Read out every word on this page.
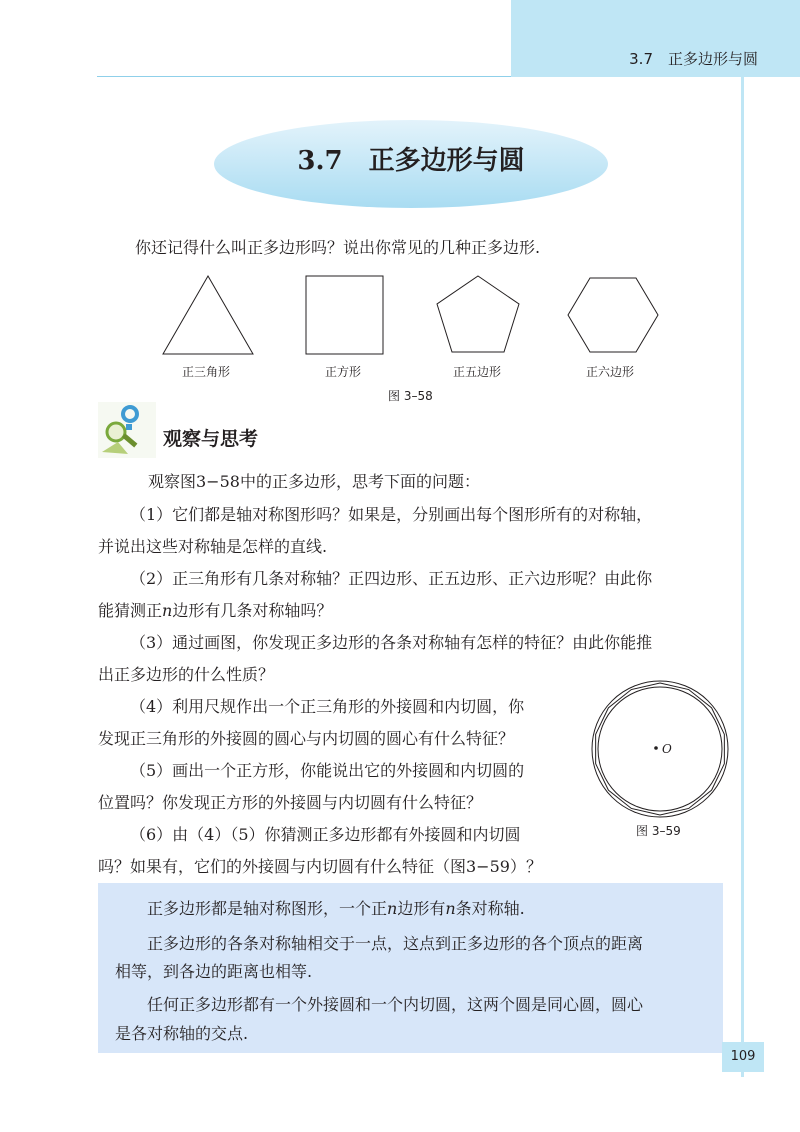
3.7　正多边形与圆
3.7　正多边形与圆
你还记得什么叫正多边形吗？说出你常见的几种正多边形.
正三角形	正方形	正五边形	正六边形
图 3–58
观察与思考
观察图3−58中的正多边形，思考下面的问题：
（1）它们都是轴对称图形吗？如果是，分别画出每个图形所有的对称轴，
并说出这些对称轴是怎样的直线.
（2）正三角形有几条对称轴？正四边形、正五边形、正六边形呢？由此你
能猜测正n边形有几条对称轴吗？
（3）通过画图，你发现正多边形的各条对称轴有怎样的特征？由此你能推
出正多边形的什么性质？
（4）利用尺规作出一个正三角形的外接圆和内切圆，你
发现正三角形的外接圆的圆心与内切圆的圆心有什么特征？
（5）画出一个正方形，你能说出它的外接圆和内切圆的
位置吗？你发现正方形的外接圆与内切圆有什么特征？
（6）由（4）（5）你猜测正多边形都有外接圆和内切圆
吗？如果有，它们的外接圆与内切圆有什么特征（图3−59）？
O
图 3–59
正多边形都是轴对称图形，一个正n边形有n条对称轴.
正多边形的各条对称轴相交于一点，这点到正多边形的各个顶点的距离
相等，到各边的距离也相等.
任何正多边形都有一个外接圆和一个内切圆，这两个圆是同心圆，圆心
是各对称轴的交点.
109
